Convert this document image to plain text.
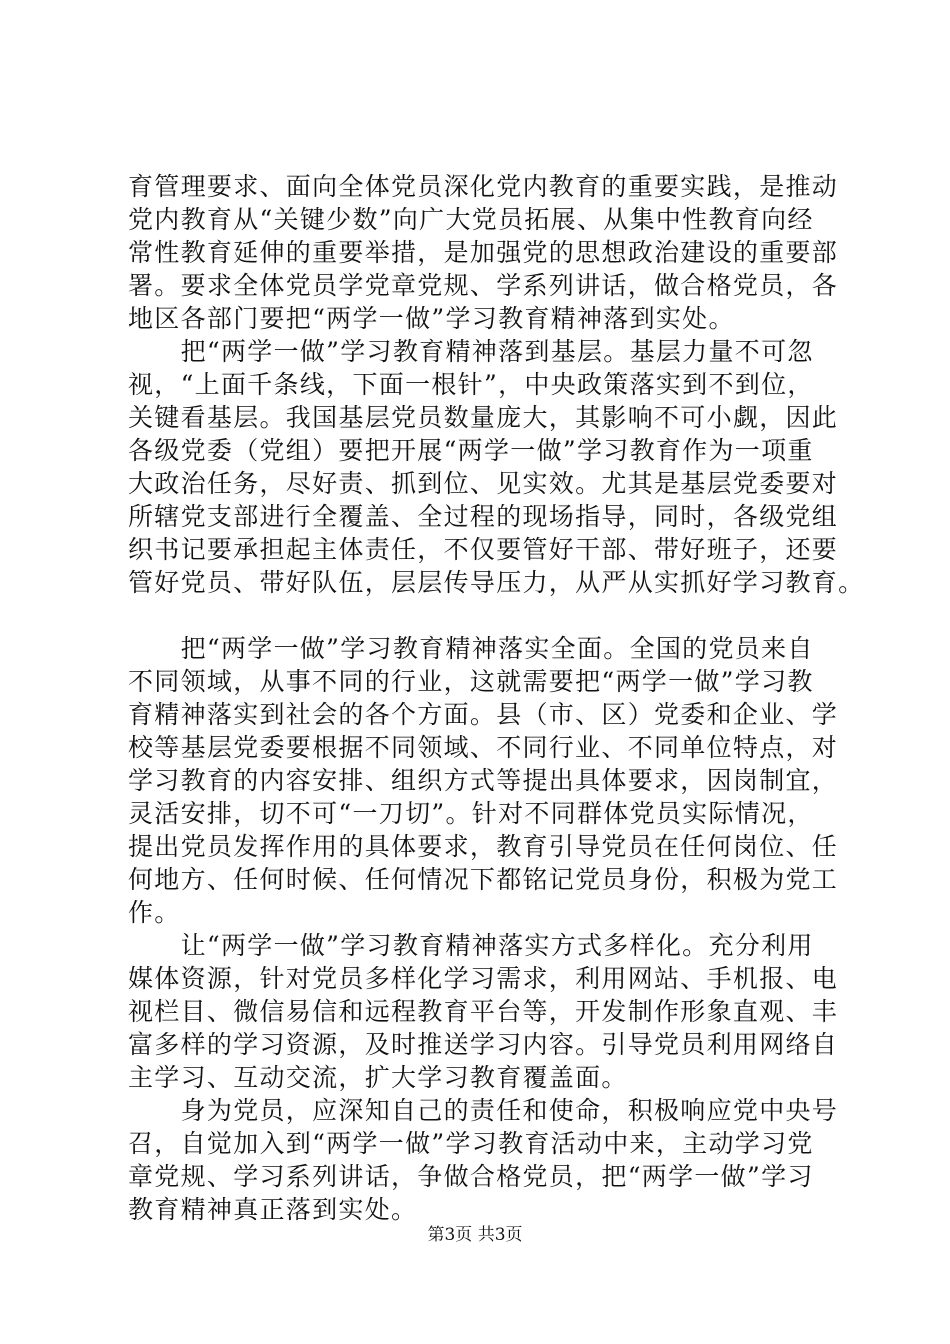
育管理要求、面向全体党员深化党内教育的重要实践，是推动
党内教育从“关键少数”向广大党员拓展、从集中性教育向经
常性教育延伸的重要举措，是加强党的思想政治建设的重要部
署。要求全体党员学党章党规、学系列讲话，做合格党员，各
地区各部门要把“两学一做”学习教育精神落到实处。
　　把“两学一做”学习教育精神落到基层。基层力量不可忽
视，“上面千条线，下面一根针”，中央政策落实到不到位，
关键看基层。我国基层党员数量庞大，其影响不可小觑，因此
各级党委（党组）要把开展“两学一做”学习教育作为一项重
大政治任务，尽好责、抓到位、见实效。尤其是基层党委要对
所辖党支部进行全覆盖、全过程的现场指导，同时，各级党组
织书记要承担起主体责任，不仅要管好干部、带好班子，还要
管好党员、带好队伍，层层传导压力，从严从实抓好学习教育。
　　把“两学一做”学习教育精神落实全面。全国的党员来自
不同领域，从事不同的行业，这就需要把“两学一做”学习教
育精神落实到社会的各个方面。县（市、区）党委和企业、学
校等基层党委要根据不同领域、不同行业、不同单位特点，对
学习教育的内容安排、组织方式等提出具体要求，因岗制宜，
灵活安排，切不可“一刀切”。针对不同群体党员实际情况，
提出党员发挥作用的具体要求，教育引导党员在任何岗位、任
何地方、任何时候、任何情况下都铭记党员身份，积极为党工
作。
　　让“两学一做”学习教育精神落实方式多样化。充分利用
媒体资源，针对党员多样化学习需求，利用网站、手机报、电
视栏目、微信易信和远程教育平台等，开发制作形象直观、丰
富多样的学习资源，及时推送学习内容。引导党员利用网络自
主学习、互动交流，扩大学习教育覆盖面。
　　身为党员，应深知自己的责任和使命，积极响应党中央号
召，自觉加入到“两学一做”学习教育活动中来，主动学习党
章党规、学习系列讲话，争做合格党员，把“两学一做”学习
教育精神真正落到实处。
第3页 共3页
